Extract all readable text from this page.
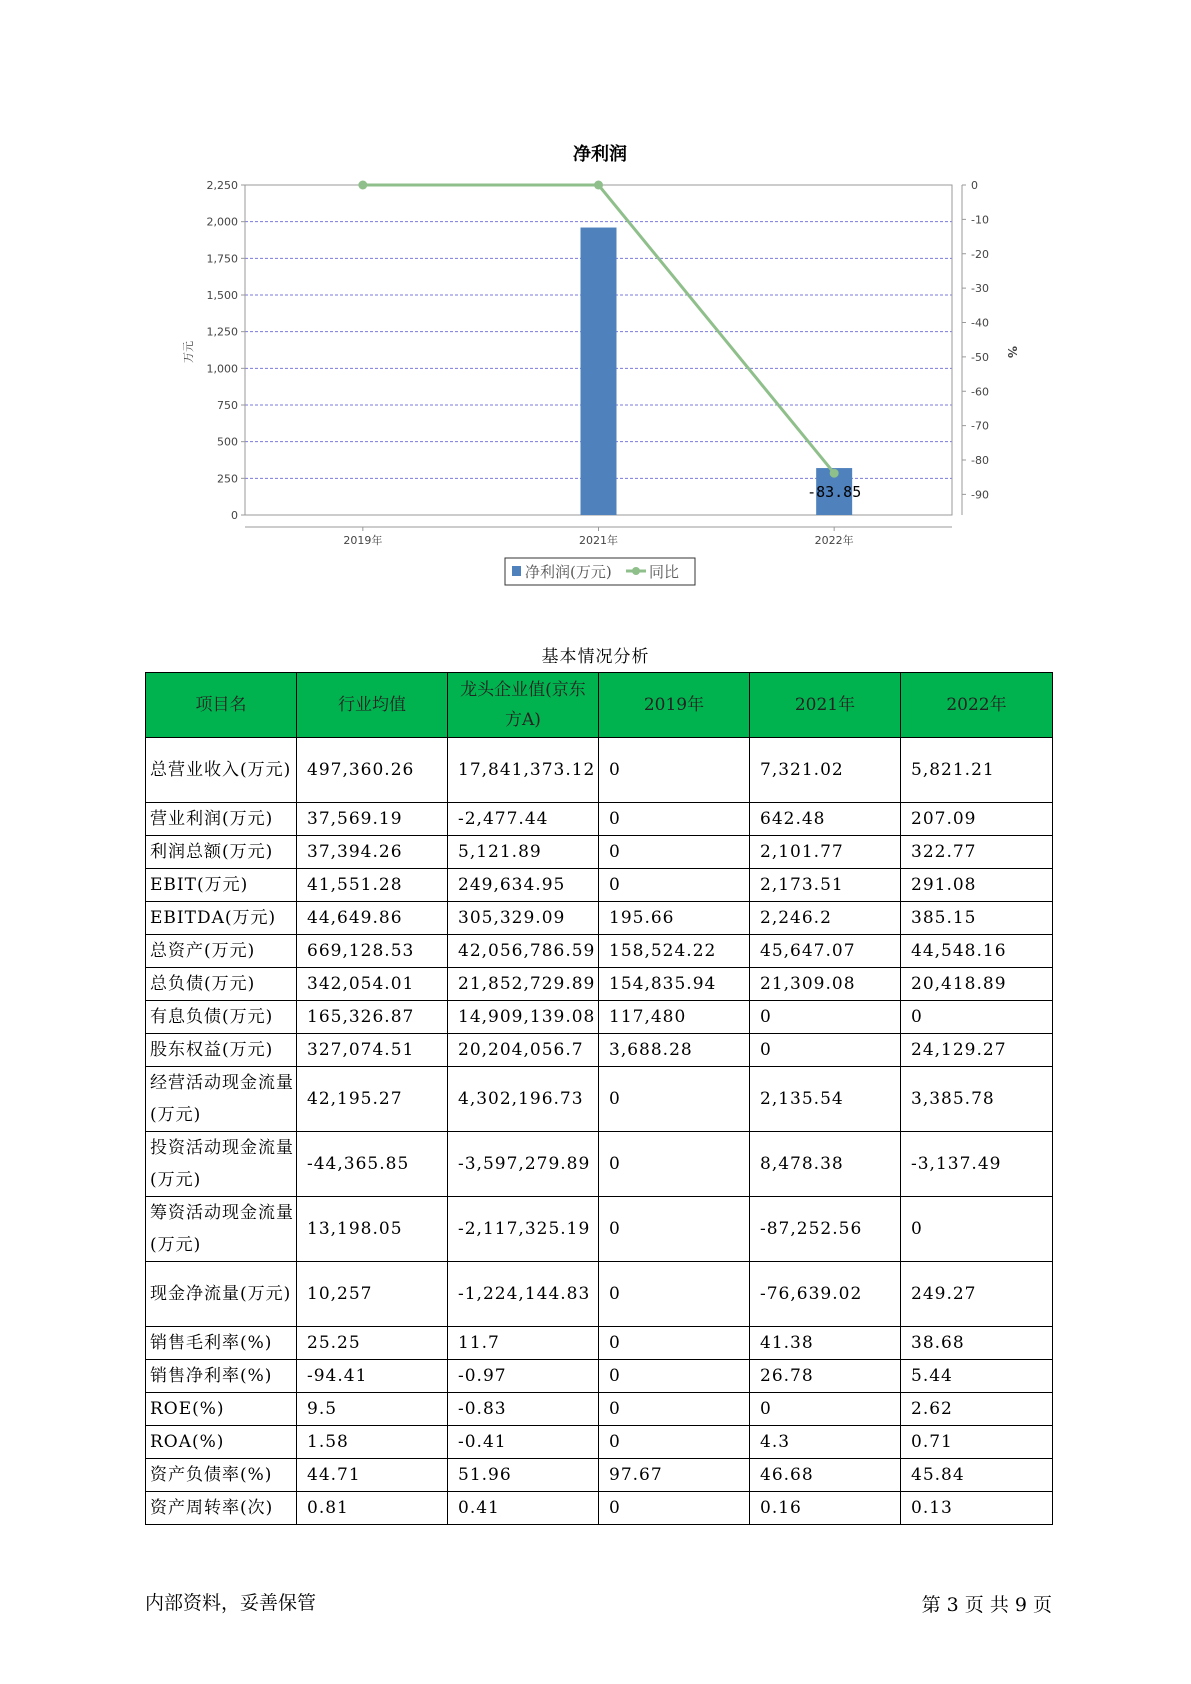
净利润
0
250
500
750
1,000
1,250
1,500
1,750
2,000
2,250	0
-10
-20
-30
-40
-50
-60
-70
-80
-90
2019年	2021年	2022年
万元	%
-83.85
净利润(万元) 同比
基本情况分析
项目名	行业均值	龙头企业值(京东方A)	2019年	2021年	2022年
总营业收入(万元)	497,360.26	17,841,373.12	0	7,321.02	5,821.21
营业利润(万元)	37,569.19	-2,477.44	0	642.48	207.09
利润总额(万元)	37,394.26	5,121.89	0	2,101.77	322.77
EBIT(万元)	41,551.28	249,634.95	0	2,173.51	291.08
EBITDA(万元)	44,649.86	305,329.09	195.66	2,246.2	385.15
总资产(万元)	669,128.53	42,056,786.59	158,524.22	45,647.07	44,548.16
总负债(万元)	342,054.01	21,852,729.89	154,835.94	21,309.08	20,418.89
有息负债(万元)	165,326.87	14,909,139.08	117,480	0	0
股东权益(万元)	327,074.51	20,204,056.7	3,688.28	0	24,129.27
经营活动现金流量(万元)	42,195.27	4,302,196.73	0	2,135.54	3,385.78
投资活动现金流量(万元)	-44,365.85	-3,597,279.89	0	8,478.38	-3,137.49
筹资活动现金流量(万元)	13,198.05	-2,117,325.19	0	-87,252.56	0
现金净流量(万元)	10,257	-1,224,144.83	0	-76,639.02	249.27
销售毛利率(%)	25.25	11.7	0	41.38	38.68
销售净利率(%)	-94.41	-0.97	0	26.78	5.44
ROE(%)	9.5	-0.83	0	0	2.62
ROA(%)	1.58	-0.41	0	4.3	0.71
资产负债率(%)	44.71	51.96	97.67	46.68	45.84
资产周转率(次)	0.81	0.41	0	0.16	0.13
内部资料，妥善保管	第 3 页 共 9 页
